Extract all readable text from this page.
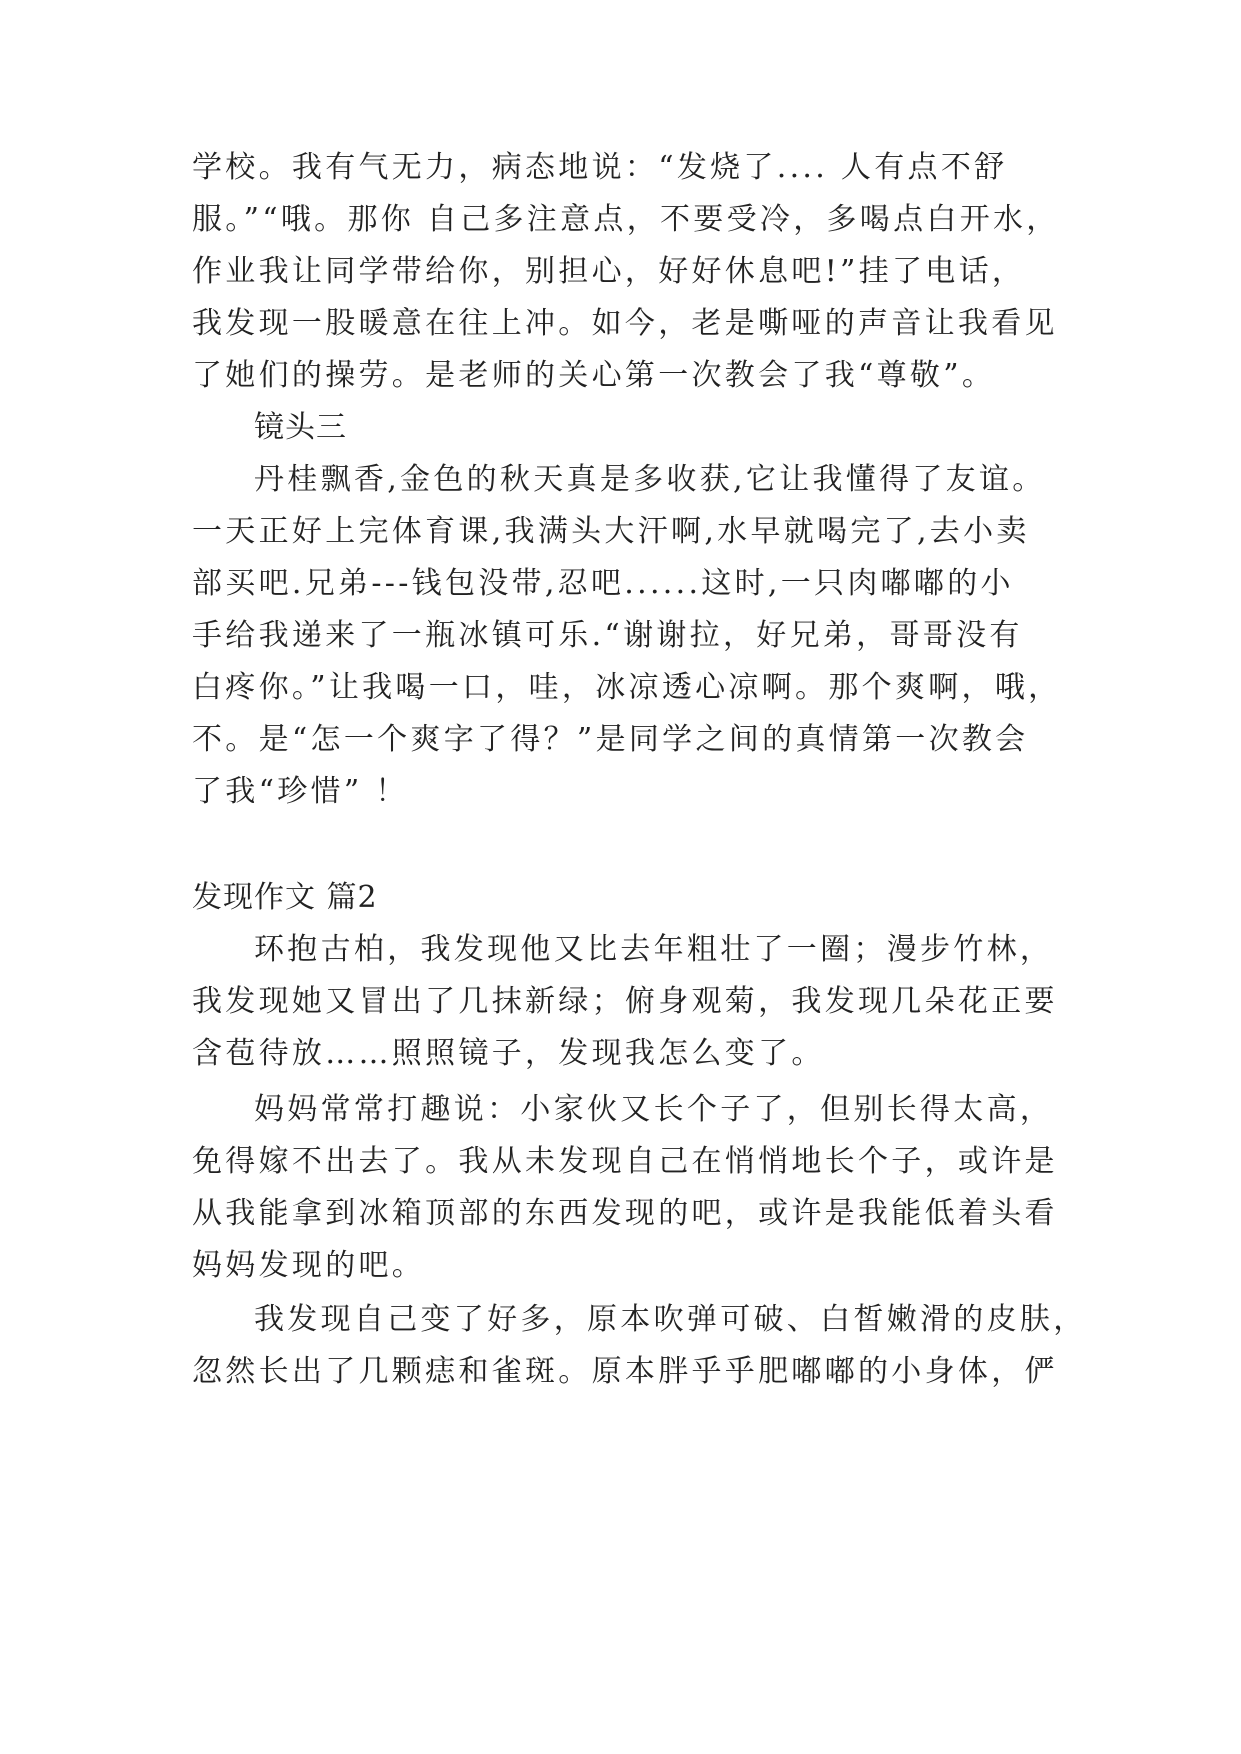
学校。我有气无力，病态地说：“发烧了.... 人有点不舒
服。”“哦。那你 自己多注意点，不要受冷，多喝点白开水，
作业我让同学带给你，别担心，好好休息吧!”挂了电话，
我发现一股暖意在往上冲。如今，老是嘶哑的声音让我看见
了她们的操劳。是老师的关心第一次教会了我“尊敬”。
镜头三
丹桂飘香,金色的秋天真是多收获,它让我懂得了友谊。
一天正好上完体育课,我满头大汗啊,水早就喝完了,去小卖
部买吧.兄弟---钱包没带,忍吧......这时,一只肉嘟嘟的小
手给我递来了一瓶冰镇可乐.“谢谢拉，好兄弟，哥哥没有
白疼你。”让我喝一口，哇，冰凉透心凉啊。那个爽啊，哦，
不。是“怎一个爽字了得？”是同学之间的真情第一次教会
了我“珍惜” ！
发现作文 篇2
环抱古柏，我发现他又比去年粗壮了一圈；漫步竹林，
我发现她又冒出了几抹新绿；俯身观菊，我发现几朵花正要
含苞待放……照照镜子，发现我怎么变了。
妈妈常常打趣说：小家伙又长个子了，但别长得太高，
免得嫁不出去了。我从未发现自己在悄悄地长个子，或许是
从我能拿到冰箱顶部的东西发现的吧，或许是我能低着头看
妈妈发现的吧。
我发现自己变了好多，原本吹弹可破、白皙嫩滑的皮肤，
忽然长出了几颗痣和雀斑。原本胖乎乎肥嘟嘟的小身体，俨
